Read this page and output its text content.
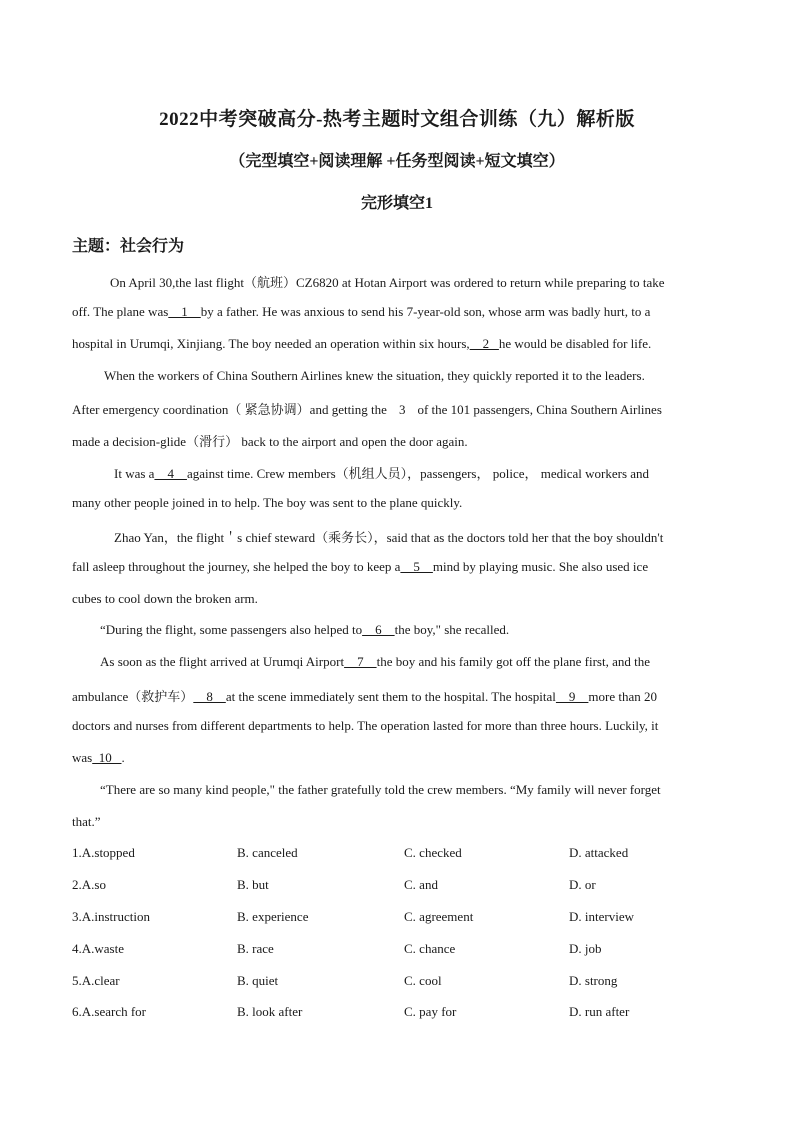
2022中考突破高分-热考主题时文组合训练（九）解析版
（完型填空+阅读理解 +任务型阅读+短文填空）
完形填空1
主题：社会行为
On April 30,the last flight（航班）CZ6820 at Hotan Airport was ordered to return while preparing to take
off. The plane was    1    by a father. He was anxious to send his 7-year-old son, whose arm was badly hurt, to a
hospital in Urumqi, Xinjiang. The boy needed an operation within six hours,    2   he would be disabled for life.
When the workers of China Southern Airlines knew the situation, they quickly reported it to the leaders.
After emergency coordination（ 紧急协调）and getting the 3 of the 101 passengers, China Southern Airlines
made a decision-glide（滑行） back to the airport and open the door again.
It was a    4    against time. Crew members（机组人员），passengers， police， medical workers and
many other people joined in to help. The boy was sent to the plane quickly.
Zhao Yan，the flight＇s chief steward（乘务长），said that as the doctors told her that the boy shouldn't
fall asleep throughout the journey, she helped the boy to keep a    5    mind by playing music. She also used ice
cubes to cool down the broken arm.
“During the flight, some passengers also helped to    6    the boy," she recalled.
As soon as the flight arrived at Urumqi Airport    7    the boy and his family got off the plane first, and the
ambulance（救护车）    8    at the scene immediately sent them to the hospital. The hospital    9    more than 20
doctors and nurses from different departments to help. The operation lasted for more than three hours. Luckily, it
was  10   .
“There are so many kind people," the father gratefully told the crew members. “My family will never forget
that.”
1.A.stopped	B. canceled	C. checked	D. attacked
2.A.so	B. but	C. and	D. or
3.A.instruction	B. experience	C. agreement	D. interview
4.A.waste	B. race	C. chance	D. job
5.A.clear	B. quiet	C. cool	D. strong
6.A.search for	B. look after	C. pay for	D. run after
